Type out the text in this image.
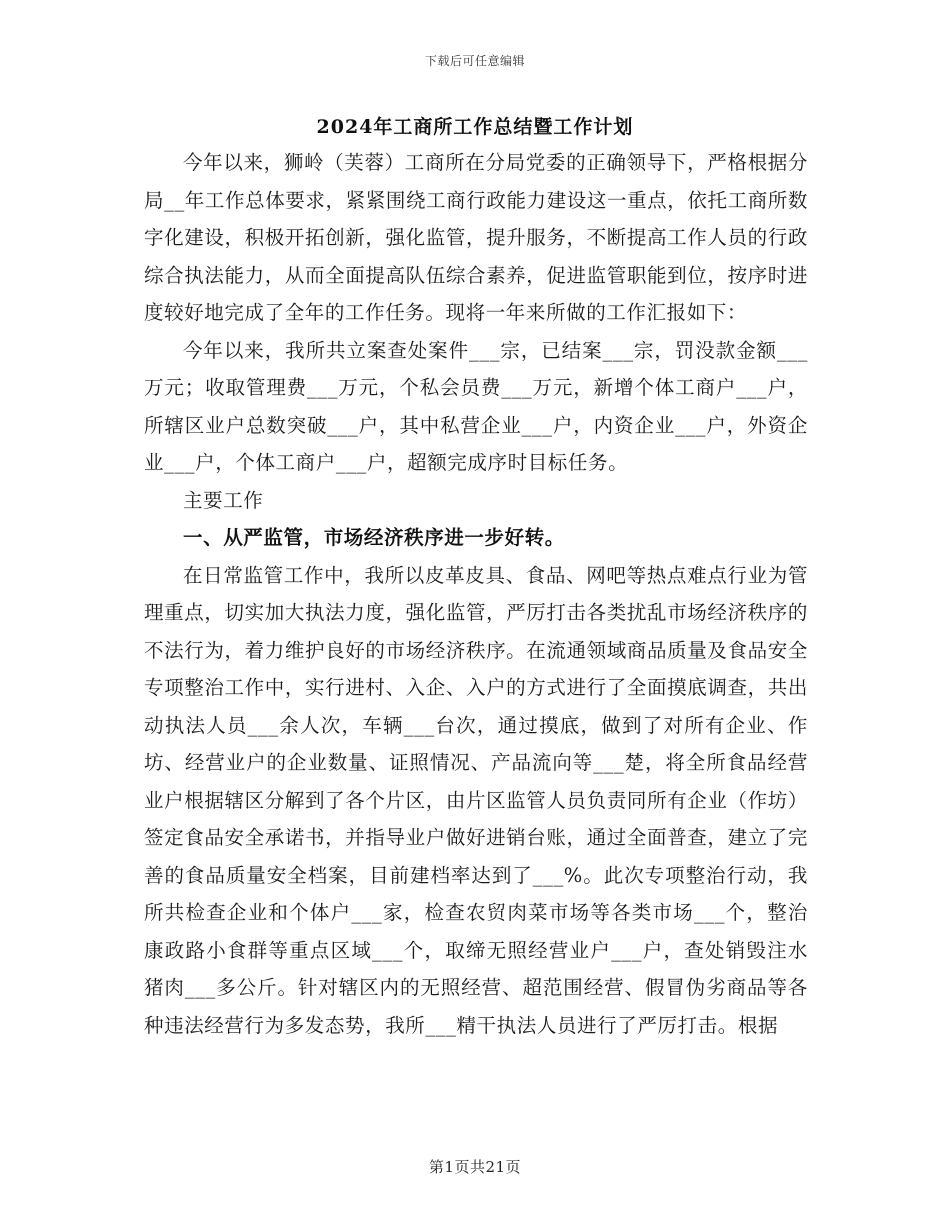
下载后可任意编辑
2024年工商所工作总结暨工作计划

今年以来，狮岭（芙蓉）工商所在分局党委的正确领导下，严格根据分局__年工作总体要求，紧紧围绕工商行政能力建设这一重点，依托工商所数字化建设，积极开拓创新，强化监管，提升服务，不断提高工作人员的行政综合执法能力，从而全面提高队伍综合素养，促进监管职能到位，按序时进度较好地完成了全年的工作任务。现将一年来所做的工作汇报如下：

今年以来，我所共立案查处案件___宗，已结案___宗，罚没款金额___万元；收取管理费___万元，个私会员费___万元，新增个体工商户___户，所辖区业户总数突破___户，其中私营企业___户，内资企业___户，外资企业___户，个体工商户___户，超额完成序时目标任务。

主要工作

一、从严监管，市场经济秩序进一步好转。

在日常监管工作中，我所以皮革皮具、食品、网吧等热点难点行业为管理重点，切实加大执法力度，强化监管，严厉打击各类扰乱市场经济秩序的不法行为，着力维护良好的市场经济秩序。在流通领域商品质量及食品安全专项整治工作中，实行进村、入企、入户的方式进行了全面摸底调查，共出动执法人员___余人次，车辆___台次，通过摸底，做到了对所有企业、作坊、经营业户的企业数量、证照情况、产品流向等___楚，将全所食品经营业户根据辖区分解到了各个片区，由片区监管人员负责同所有企业（作坊）签定食品安全承诺书，并指导业户做好进销台账，通过全面普查，建立了完善的食品质量安全档案，目前建档率达到了___%。此次专项整治行动，我所共检查企业和个体户___家，检查农贸肉菜市场等各类市场___个，整治康政路小食群等重点区域___个，取缔无照经营业户___户，查处销毁注水猪肉___多公斤。针对辖区内的无照经营、超范围经营、假冒伪劣商品等各种违法经营行为多发态势，我所___精干执法人员进行了严厉打击。根据

第1页共21页
